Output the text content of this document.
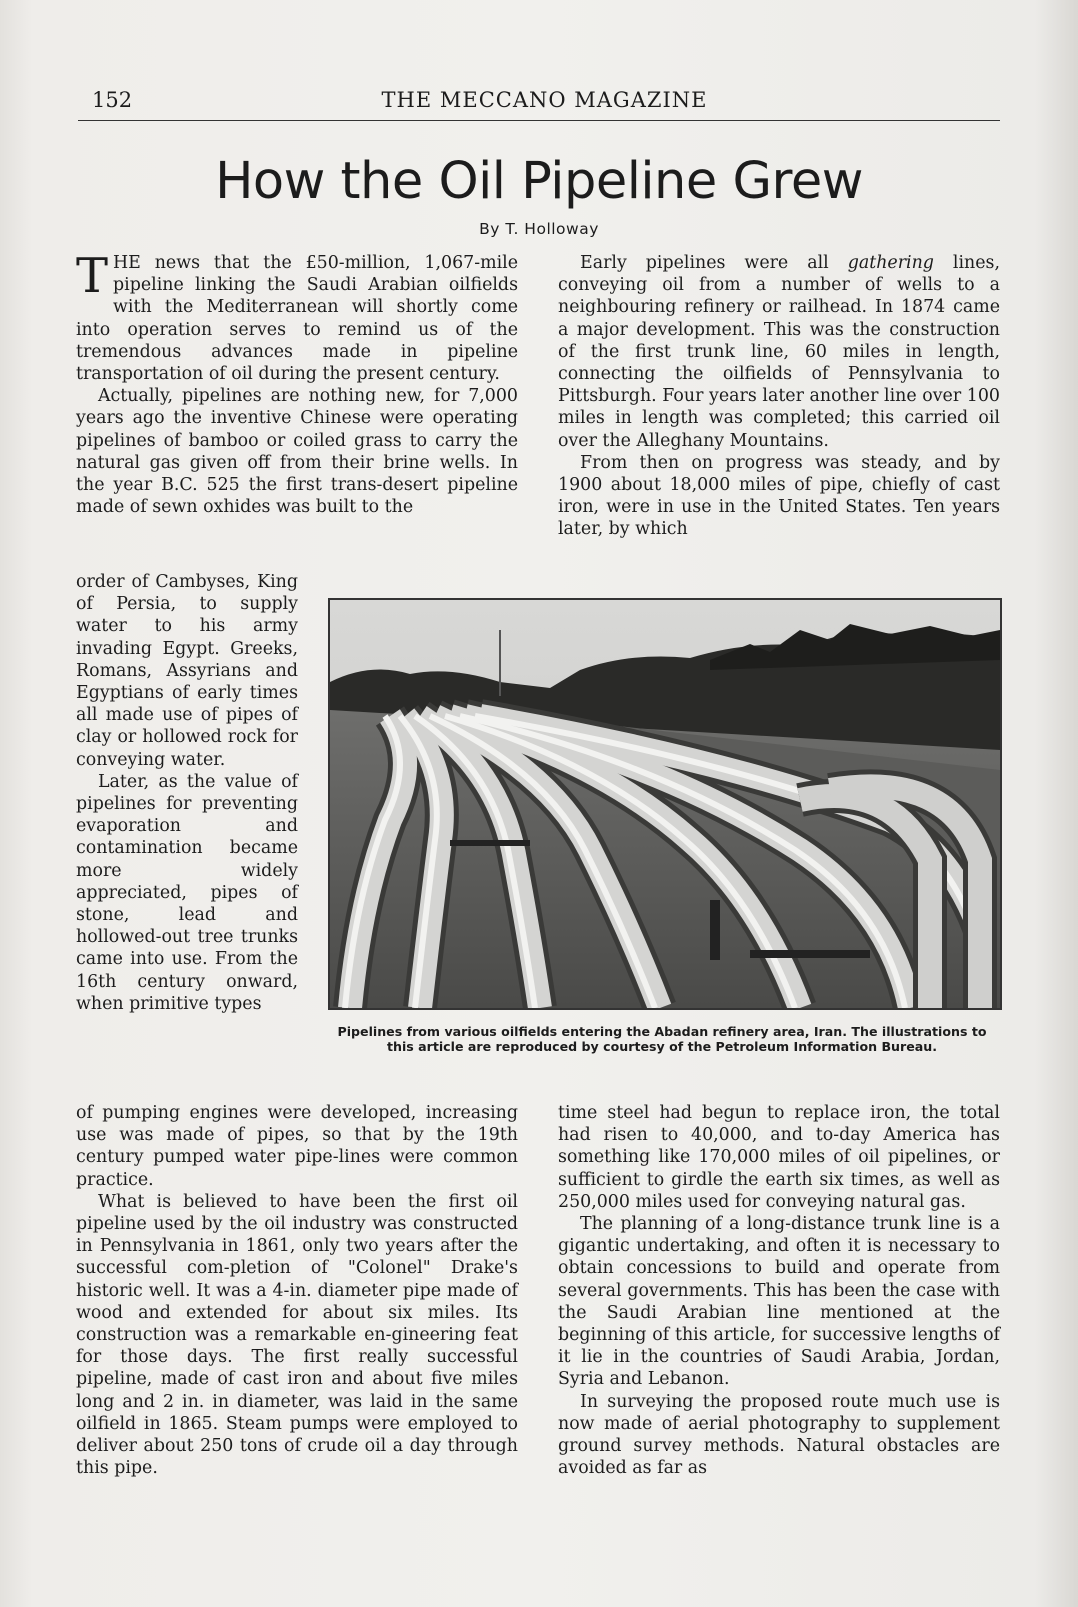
152	THE MECCANO MAGAZINE
How the Oil Pipeline Grew
By T. Holloway

THE news that the £50-million, 1,067-mile pipeline linking the Saudi Arabian oilfields with the Mediterranean will shortly come into operation serves to remind us of the tremendous advances made in pipeline transportation of oil during the present century.

Actually, pipelines are nothing new, for 7,000 years ago the inventive Chinese were operating pipelines of bamboo or coiled grass to carry the natural gas given off from their brine wells. In the year B.C. 525 the first trans-desert pipeline made of sewn oxhides was built to the

order of Cambyses, King of Persia, to supply water to his army invading Egypt. Greeks, Romans, Assyrians and Egyptians of early times all made use of pipes of clay or hollowed rock for conveying water.

Later, as the value of pipelines for preventing evaporation and contamination became more widely appreciated, pipes of stone, lead and hollowed-out tree trunks came into use. From the 16th century onward, when primitive types

Early pipelines were all gathering lines, conveying oil from a number of wells to a neighbouring refinery or railhead. In 1874 came a major development. This was the construction of the first trunk line, 60 miles in length, connecting the oilfields of Pennsylvania to Pittsburgh. Four years later another line over 100 miles in length was completed; this carried oil over the Alleghany Mountains.

From then on progress was steady, and by 1900 about 18,000 miles of pipe, chiefly of cast iron, were in use in the United States. Ten years later, by which

Pipelines from various oilfields entering the Abadan refinery area, Iran. The illustrations to this article are reproduced by courtesy of the Petroleum Information Bureau.

of pumping engines were developed, increasing use was made of pipes, so that by the 19th century pumped water pipe-lines were common practice.

What is believed to have been the first oil pipeline used by the oil industry was constructed in Pennsylvania in 1861, only two years after the successful com-pletion of "Colonel" Drake's historic well. It was a 4-in. diameter pipe made of wood and extended for about six miles. Its construction was a remarkable en-gineering feat for those days. The first really successful pipeline, made of cast iron and about five miles long and 2 in. in diameter, was laid in the same oilfield in 1865. Steam pumps were employed to deliver about 250 tons of crude oil a day through this pipe.

time steel had begun to replace iron, the total had risen to 40,000, and to-day America has something like 170,000 miles of oil pipelines, or sufficient to girdle the earth six times, as well as 250,000 miles used for conveying natural gas.

The planning of a long-distance trunk line is a gigantic undertaking, and often it is necessary to obtain concessions to build and operate from several governments. This has been the case with the Saudi Arabian line mentioned at the beginning of this article, for successive lengths of it lie in the countries of Saudi Arabia, Jordan, Syria and Lebanon.

In surveying the proposed route much use is now made of aerial photography to supplement ground survey methods. Natural obstacles are avoided as far as
